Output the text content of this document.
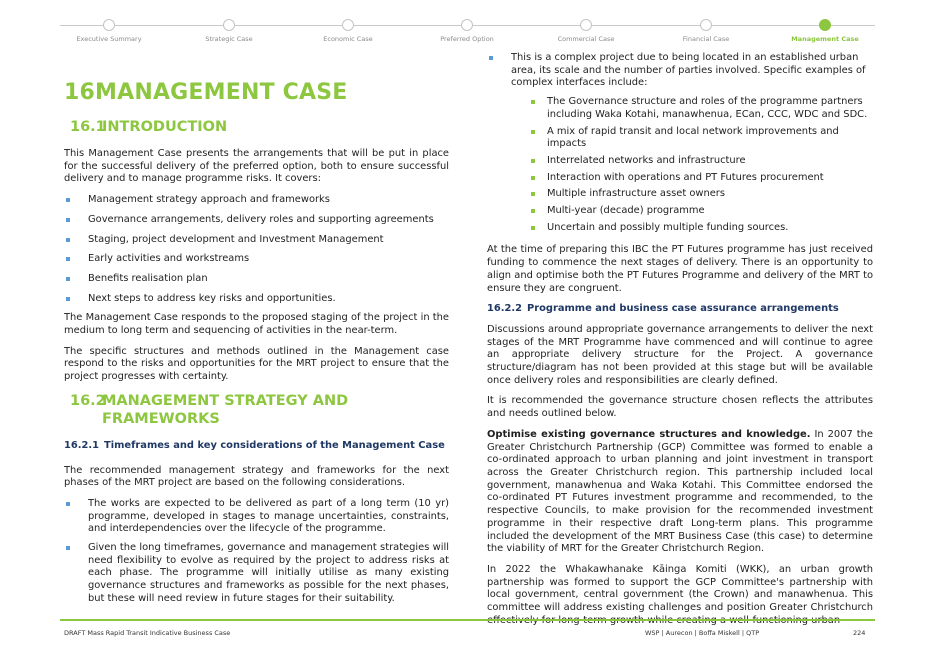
Executive Summary	Strategic Case	Economic Case	Preferred Option	Commercial Case	Financial Case	Management Case
16MANAGEMENT CASE
16.1INTRODUCTION

This Management Case presents the arrangements that will be put in place for the successful delivery of the preferred option, both to ensure successful delivery and to manage programme risks. It covers:

Management strategy approach and frameworks
Governance arrangements, delivery roles and supporting agreements
Staging, project development and Investment Management
Early activities and workstreams
Benefits realisation plan
Next steps to address key risks and opportunities.

The Management Case responds to the proposed staging of the project in the medium to long term and sequencing of activities in the near-term.

The specific structures and methods outlined in the Management case respond to the risks and opportunities for the MRT project to ensure that the project progresses with certainty.

16.2MANAGEMENT STRATEGY AND FRAMEWORKS
16.2.1 Timeframes and key considerations of the Management Case

The recommended management strategy and frameworks for the next phases of the MRT project are based on the following considerations.

The works are expected to be delivered as part of a long term (10 yr) programme, developed in stages to manage uncertainties, constraints, and interdependencies over the lifecycle of the programme.
Given the long timeframes, governance and management strategies will need flexibility to evolve as required by the project to address risks at each phase. The programme will initially utilise as many existing governance structures and frameworks as possible for the next phases, but these will need review in future stages for their suitability.
This is a complex project due to being located in an established urban area, its scale and the number of parties involved. Specific examples of complex interfaces include:
The Governance structure and roles of the programme partners including Waka Kotahi, manawhenua, ECan, CCC, WDC and SDC.
A mix of rapid transit and local network improvements and impacts
Interrelated networks and infrastructure
Interaction with operations and PT Futures procurement
Multiple infrastructure asset owners
Multi-year (decade) programme
Uncertain and possibly multiple funding sources.

At the time of preparing this IBC the PT Futures programme has just received funding to commence the next stages of delivery. There is an opportunity to align and optimise both the PT Futures Programme and delivery of the MRT to ensure they are congruent.

16.2.2 Programme and business case assurance arrangements

Discussions around appropriate governance arrangements to deliver the next stages of the MRT Programme have commenced and will continue to agree an appropriate delivery structure for the Project. A governance structure/diagram has not been provided at this stage but will be available once delivery roles and responsibilities are clearly defined.

It is recommended the governance structure chosen reflects the attributes and needs outlined below.

Optimise existing governance structures and knowledge. In 2007 the Greater Christchurch Partnership (GCP) Committee was formed to enable a co-ordinated approach to urban planning and joint investment in transport across the Greater Christchurch region. This partnership included local government, manawhenua and Waka Kotahi. This Committee endorsed the co-ordinated PT Futures investment programme and recommended, to the respective Councils, to make provision for the recommended investment programme in their respective draft Long-term plans. This programme included the development of the MRT Business Case (this case) to determine the viability of MRT for the Greater Christchurch Region.

In 2022 the Whakawhanake Kāinga Komiti (WKK), an urban growth partnership was formed to support the GCP Committee's partnership with local government, central government (the Crown) and manawhenua. This committee will address existing challenges and position Greater Christchurch

DRAFT Mass Rapid Transit Indicative Business Case	WSP | Aurecon | Boffa Miskell | QTP	224
